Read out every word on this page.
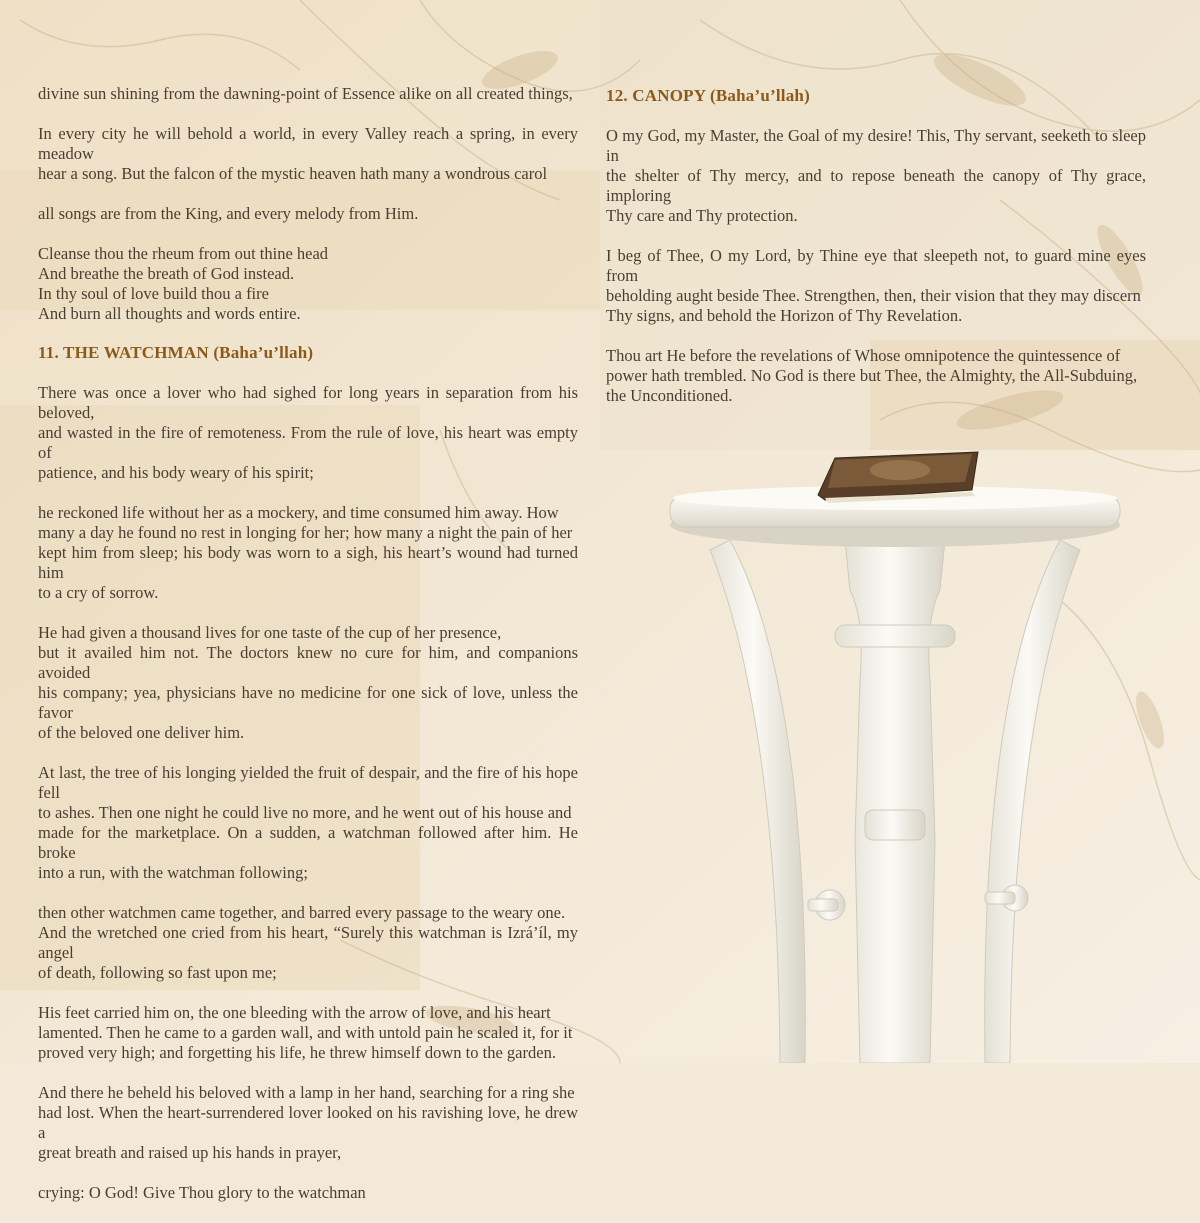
divine sun shining from the dawning-point of Essence alike on all created things,

In every city he will behold a world, in every Valley reach a spring, in every meadow
hear a song. But the falcon of the mystic heaven hath many a wondrous carol

all songs are from the King, and every melody from Him.

Cleanse thou the rheum from out thine head
And breathe the breath of God instead.
In thy soul of love build thou a fire
And burn all thoughts and words entire.

11. THE WATCHMAN (Baha’u’llah)

There was once a lover who had sighed for long years in separation from his beloved,
and wasted in the fire of remoteness. From the rule of love, his heart was empty of
patience, and his body weary of his spirit;

he reckoned life without her as a mockery, and time consumed him away. How
many a day he found no rest in longing for her; how many a night the pain of her
kept him from sleep; his body was worn to a sigh, his heart’s wound had turned him
to a cry of sorrow.

He had given a thousand lives for one taste of the cup of her presence,
but it availed him not. The doctors knew no cure for him, and companions avoided
his company; yea, physicians have no medicine for one sick of love, unless the favor
of the beloved one deliver him.

At last, the tree of his longing yielded the fruit of despair, and the fire of his hope fell
to ashes. Then one night he could live no more, and he went out of his house and
made for the marketplace. On a sudden, a watchman followed after him. He broke
into a run, with the watchman following;

then other watchmen came together, and barred every passage to the weary one.
And the wretched one cried from his heart, “Surely this watchman is Izrá’íl, my angel
of death, following so fast upon me;

His feet carried him on, the one bleeding with the arrow of love, and his heart
lamented. Then he came to a garden wall, and with untold pain he scaled it, for it
proved very high; and forgetting his life, he threw himself down to the garden.

And there he beheld his beloved with a lamp in her hand, searching for a ring she
had lost. When the heart-surrendered lover looked on his ravishing love, he drew a
great breath and raised up his hands in prayer,

crying: O God! Give Thou glory to the watchman

12. CANOPY (Baha’u’llah)

O my God, my Master, the Goal of my desire! This, Thy servant, seeketh to sleep in
the shelter of Thy mercy, and to repose beneath the canopy of Thy grace, imploring
Thy care and Thy protection.

I beg of Thee, O my Lord, by Thine eye that sleepeth not, to guard mine eyes from
beholding aught beside Thee. Strengthen, then, their vision that they may discern
Thy signs, and behold the Horizon of Thy Revelation.

Thou art He before the revelations of Whose omnipotence the quintessence of
power hath trembled. No God is there but Thee, the Almighty, the All-Subduing,
the Unconditioned.
